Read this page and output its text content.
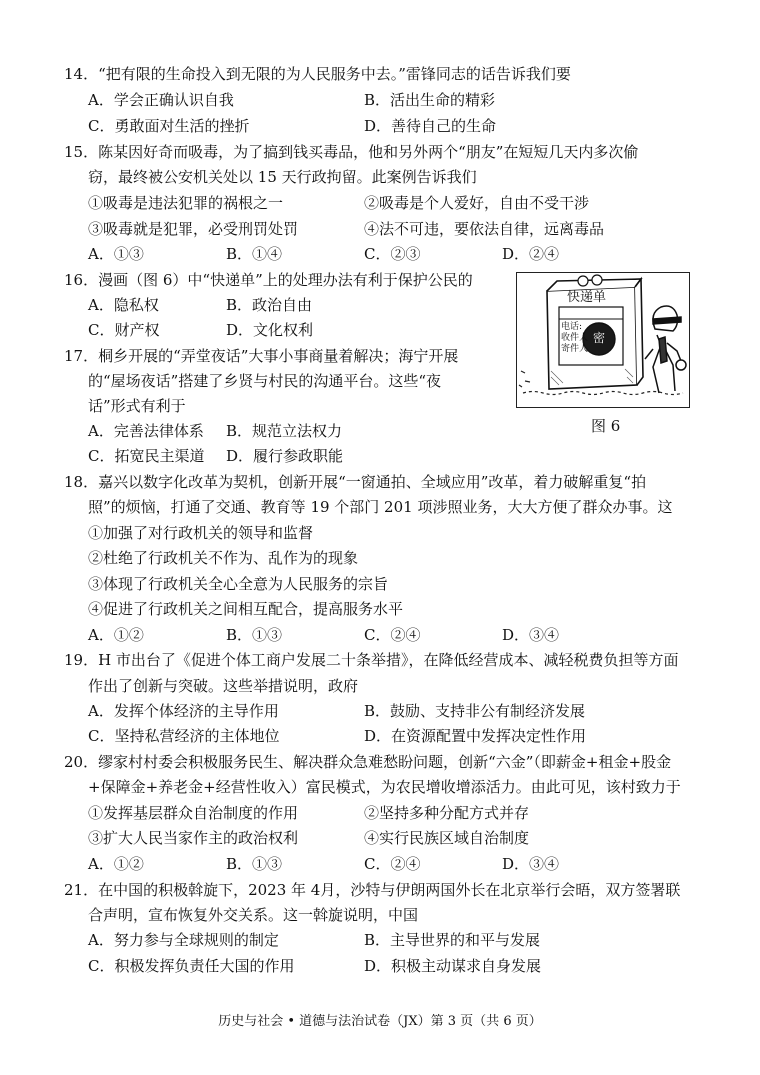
14．“把有限的生命投入到无限的为人民服务中去。”雷锋同志的话告诉我们要
A．学会正确认识自我	B．活出生命的精彩
C．勇敢面对生活的挫折	D．善待自己的生命
15．陈某因好奇而吸毒，为了搞到钱买毒品，他和另外两个“朋友”在短短几天内多次偷
窃，最终被公安机关处以 15 天行政拘留。此案例告诉我们
①吸毒是违法犯罪的祸根之一	②吸毒是个人爱好，自由不受干涉
③吸毒就是犯罪，必受刑罚处罚	④法不可违，要依法自律，远离毒品
A．①③	B．①④	C．②③	D．②④
16．漫画（图 6）中“快递单”上的处理办法有利于保护公民的
A．隐私权	B．政治自由
C．财产权	D．文化权利
17．桐乡开展的“弄堂夜话”大事小事商量着解决；海宁开展
的“屋场夜话”搭建了乡贤与村民的沟通平台。这些“夜
话”形式有利于
A．完善法律体系 B．规范立法权力
C．拓宽民主渠道 D．履行参政职能
快递单
电话:
收件人
寄件人
密
图 6
18．嘉兴以数字化改革为契机，创新开展“一窗通拍、全域应用”改革，着力破解重复“拍
照”的烦恼，打通了交通、教育等 19 个部门 201 项涉照业务，大大方便了群众办事。这
①加强了对行政机关的领导和监督
②杜绝了行政机关不作为、乱作为的现象
③体现了行政机关全心全意为人民服务的宗旨
④促进了行政机关之间相互配合，提高服务水平
A．①②	B．①③	C．②④	D．③④
19．H 市出台了《促进个体工商户发展二十条举措》，在降低经营成本、减轻税费负担等方面
作出了创新与突破。这些举措说明，政府
A．发挥个体经济的主导作用	B．鼓励、支持非公有制经济发展
C．坚持私营经济的主体地位	D．在资源配置中发挥决定性作用
20．缪家村村委会积极服务民生、解决群众急难愁盼问题，创新“六金”（即薪金+租金+股金
+保障金+养老金+经营性收入）富民模式，为农民增收增添活力。由此可见，该村致力于
①发挥基层群众自治制度的作用	②坚持多种分配方式并存
③扩大人民当家作主的政治权利	④实行民族区域自治制度
A．①②	B．①③	C．②④	D．③④
21．在中国的积极斡旋下，2023 年 4月，沙特与伊朗两国外长在北京举行会晤，双方签署联
合声明，宣布恢复外交关系。这一斡旋说明，中国
A．努力参与全球规则的制定	B．主导世界的和平与发展
C．积极发挥负责任大国的作用	D．积极主动谋求自身发展
历史与社会 • 道德与法治试卷（JX）第 3 页（共 6 页）
